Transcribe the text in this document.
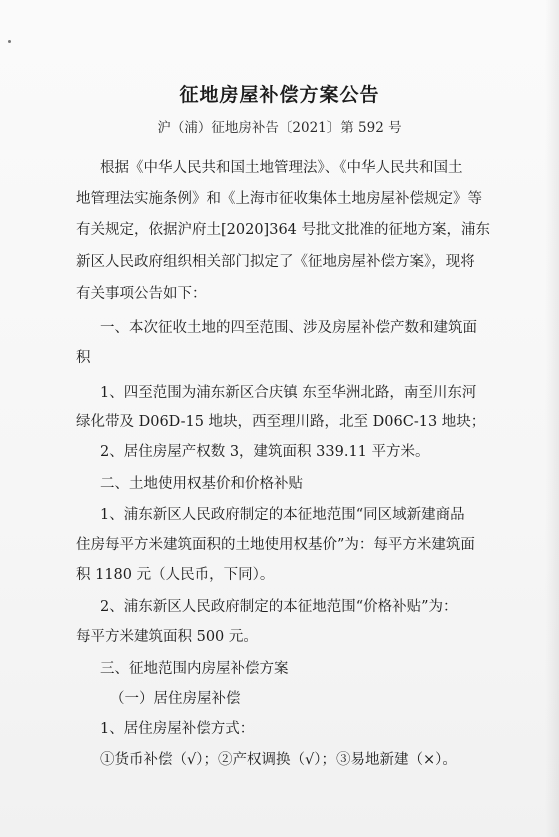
征地房屋补偿方案公告
沪（浦）征地房补告〔2021〕第 592 号
根据《中华人民共和国土地管理法》、《中华人民共和国土
地管理法实施条例》和《上海市征收集体土地房屋补偿规定》等
有关规定，依据沪府土[2020]364 号批文批准的征地方案，浦东
新区人民政府组织相关部门拟定了《征地房屋补偿方案》，现将
有关事项公告如下：
一、本次征收土地的四至范围、涉及房屋补偿产数和建筑面
积
1、四至范围为浦东新区合庆镇 东至华洲北路，南至川东河
绿化带及 D06D-15 地块，西至理川路，北至 D06C-13 地块；
2、居住房屋产权数 3，建筑面积 339.11 平方米。
二、土地使用权基价和价格补贴
1、浦东新区人民政府制定的本征地范围“同区域新建商品
住房每平方米建筑面积的土地使用权基价”为：每平方米建筑面
积 1180 元（人民币，下同）。
2、浦东新区人民政府制定的本征地范围“价格补贴”为：
每平方米建筑面积 500 元。
三、征地范围内房屋补偿方案
（一）居住房屋补偿
1、居住房屋补偿方式：
①货币补偿（√）；②产权调换（√）；③易地新建（×）。
